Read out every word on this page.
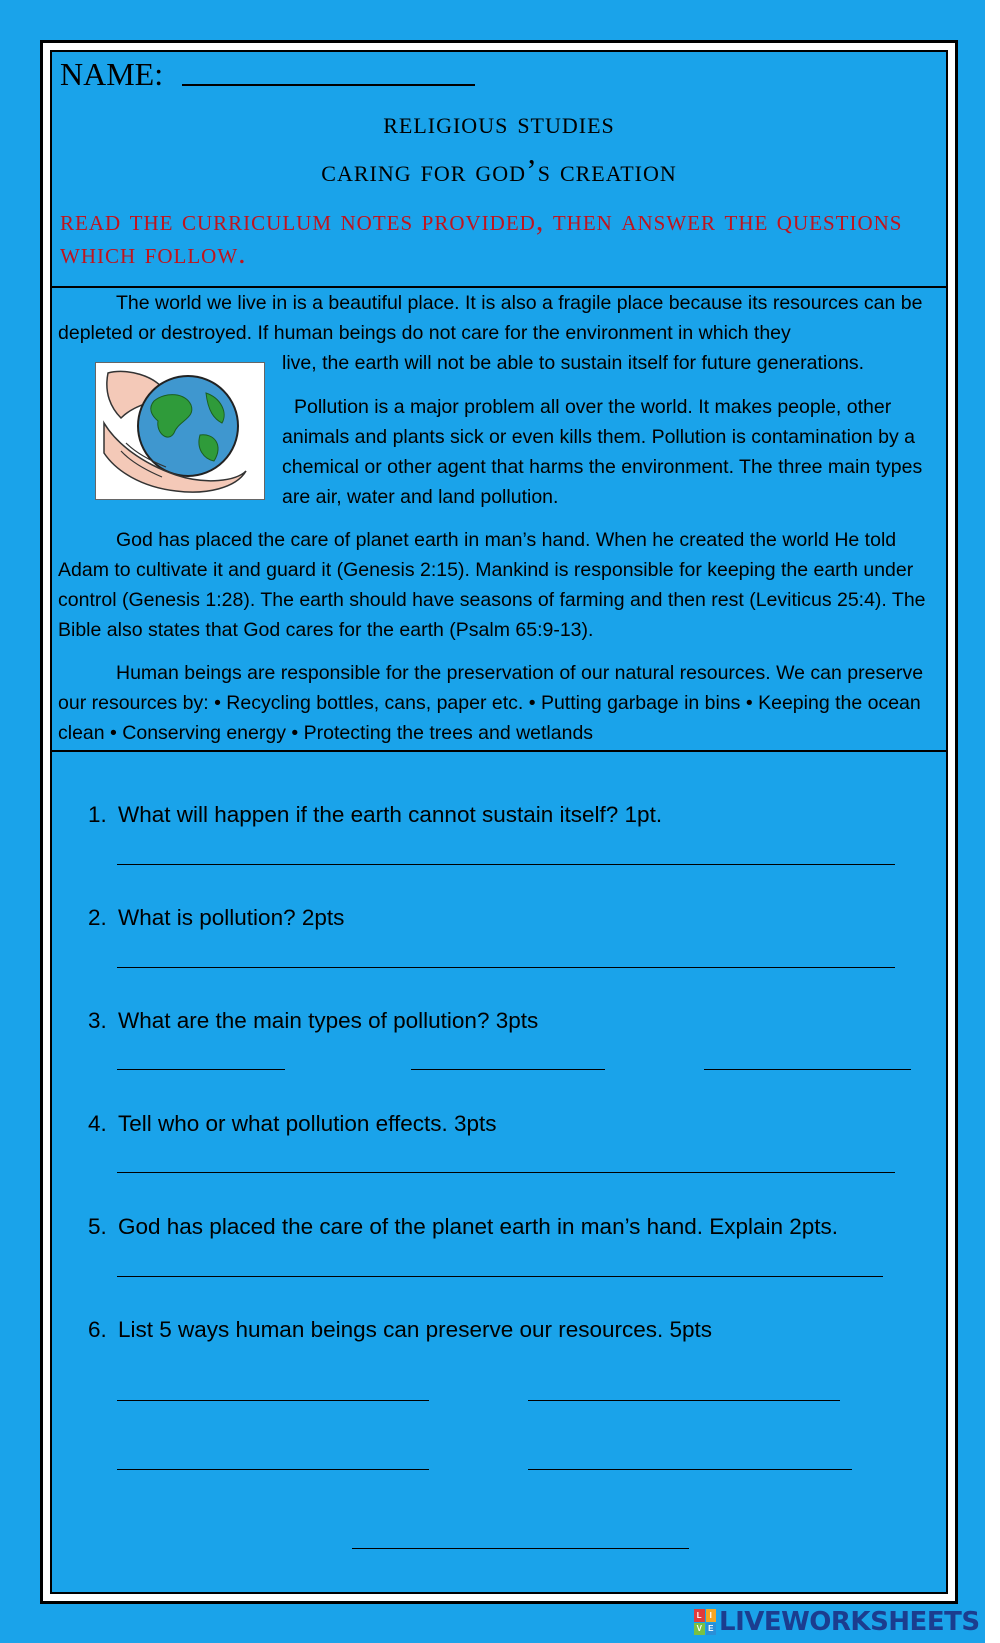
NAME:
religious studies
caring for god’s creation
read the curriculum notes provided, then answer the questions which follow.
The world we live in is a beautiful place. It is also a fragile place because its resources can be depleted or destroyed. If human beings do not care for the environment in which they
live, the earth will not be able to sustain itself for future generations.
Pollution is a major problem all over the world. It makes people, other animals and plants sick or even kills them. Pollution is contamination by a chemical or other agent that harms the environment. The three main types are air, water and land pollution.
God has placed the care of planet earth in man’s hand. When he created the world He told Adam to cultivate it and guard it (Genesis 2:15). Mankind is responsible for keeping the earth under control (Genesis 1:28). The earth should have seasons of farming and then rest (Leviticus 25:4). The Bible also states that God cares for the earth (Psalm 65:9-13).
Human beings are responsible for the preservation of our natural resources. We can preserve our resources by: • Recycling bottles, cans, paper etc. • Putting garbage in bins • Keeping the ocean clean • Conserving energy • Protecting the trees and wetlands
1. What will happen if the earth cannot sustain itself? 1pt.
2. What is pollution? 2pts
3. What are the main types of pollution? 3pts
4. Tell who or what pollution effects. 3pts
5. God has placed the care of the planet earth in man’s hand. Explain 2pts.
6. List 5 ways human beings can preserve our resources. 5pts
L I
V E LIVEWORKSHEETS
